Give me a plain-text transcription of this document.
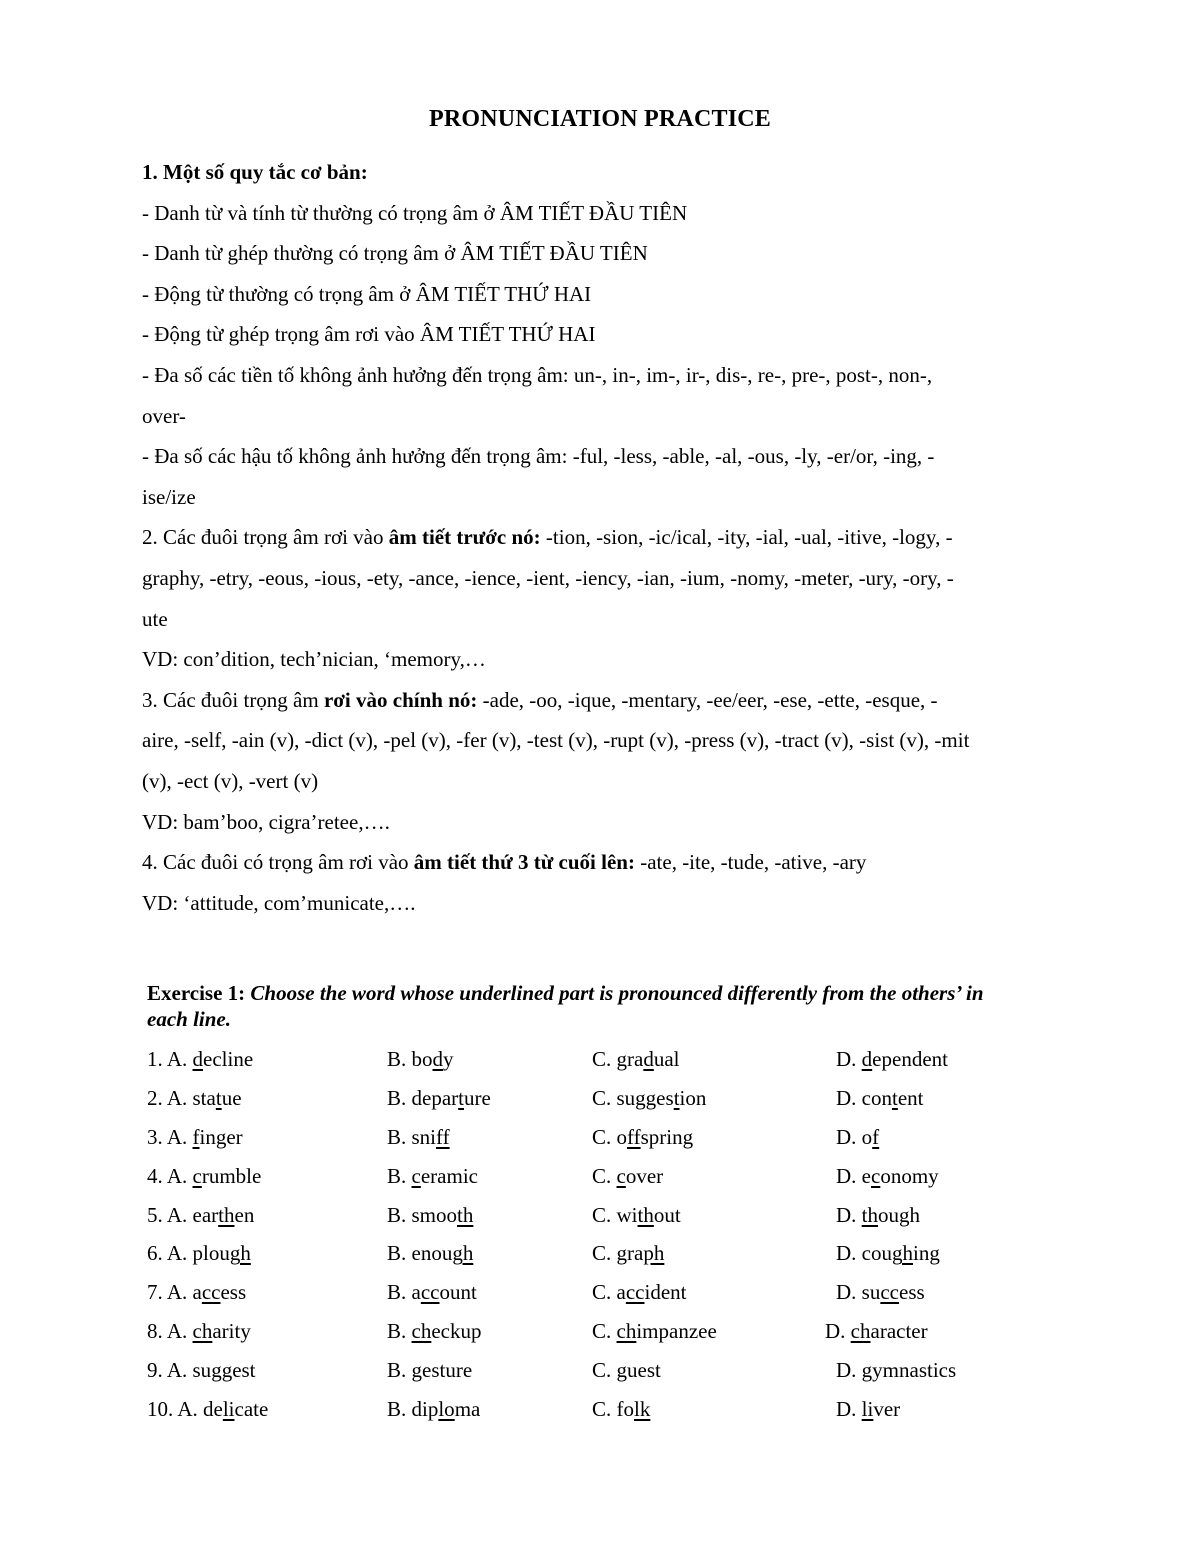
PRONUNCIATION PRACTICE
1. Một số quy tắc cơ bản:
- Danh từ và tính từ thường có trọng âm ở ÂM TIẾT ĐẦU TIÊN
- Danh từ ghép thường có trọng âm ở ÂM TIẾT ĐẦU TIÊN
- Động từ thường có trọng âm ở ÂM TIẾT THỨ HAI
- Động từ ghép trọng âm rơi vào ÂM TIẾT THỨ HAI
- Đa số các tiền tố không ảnh hưởng đến trọng âm: un-, in-, im-, ir-, dis-, re-, pre-, post-, non-,
over-
- Đa số các hậu tố không ảnh hưởng đến trọng âm: -ful, -less, -able, -al, -ous, -ly, -er/or, -ing, -
ise/ize
2. Các đuôi trọng âm rơi vào âm tiết trước nó: -tion, -sion, -ic/ical, -ity, -ial, -ual, -itive, -logy, -
graphy, -etry, -eous, -ious, -ety, -ance, -ience, -ient, -iency, -ian, -ium, -nomy, -meter, -ury, -ory, -
ute
VD: con’dition, tech’nician, ‘memory,…
3. Các đuôi trọng âm rơi vào chính nó: -ade, -oo, -ique, -mentary, -ee/eer, -ese, -ette, -esque, -
aire, -self, -ain (v), -dict (v), -pel (v), -fer (v), -test (v), -rupt (v), -press (v), -tract (v), -sist (v), -mit
(v), -ect (v), -vert (v)
VD: bam’boo, cigra’retee,….
4. Các đuôi có trọng âm rơi vào âm tiết thứ 3 từ cuối lên: -ate, -ite, -tude, -ative, -ary
VD: ‘attitude, com’municate,….
Exercise 1: Choose the word whose underlined part is pronounced differently from the others’ in each line.
1. A. decline	B. body	C. gradual	D. dependent
2. A. statue	B. departure	C. suggestion	D. content
3. A. finger	B. sniff	C. offspring	D. of
4. A. crumble	B. ceramic	C. cover	D. economy
5. A. earthen	B. smooth	C. without	D. though
6. A. plough	B. enough	C. graph	D. coughing
7. A. access	B. account	C. accident	D. success
8. A. charity	B. checkup	C. chimpanzee	D. character
9. A. suggest	B. gesture	C. guest	D. gymnastics
10. A. delicate	B. diploma	C. folk	D. liver
